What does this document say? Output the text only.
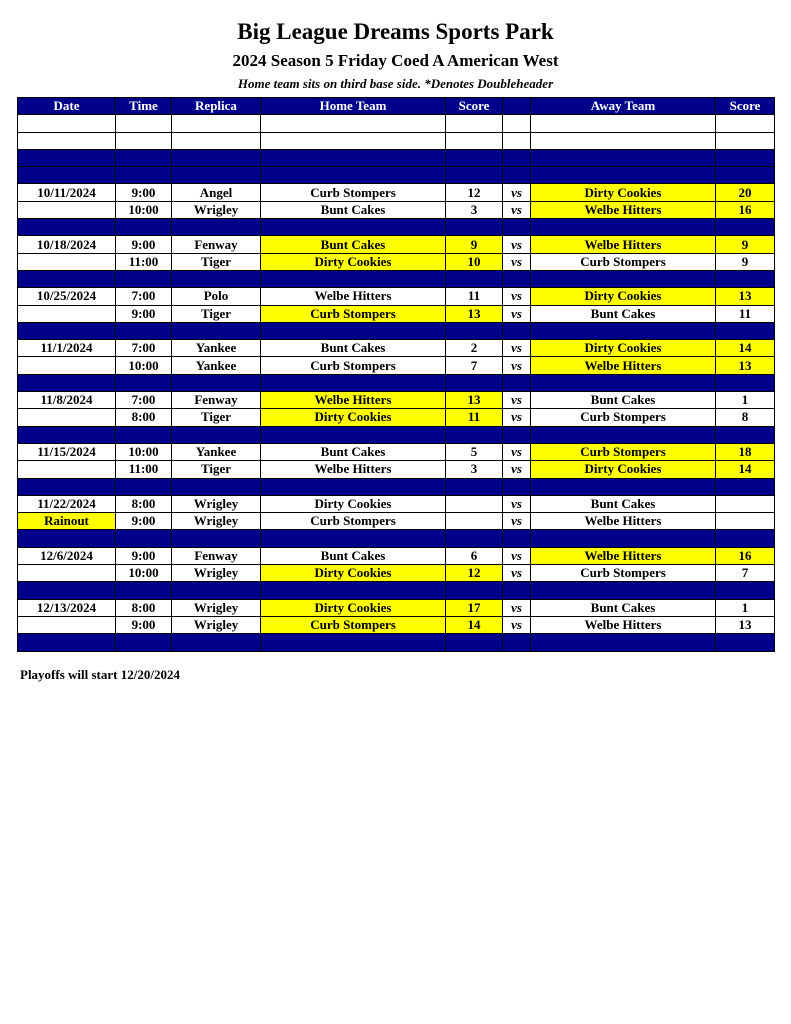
Big League Dreams Sports Park
2024 Season 5 Friday Coed A American West
Home team sits on third base side. *Denotes Doubleheader
Date	Time	Replica	Home Team	Score		Away Team	Score

10/11/2024	9:00	Angel	Curb Stompers	12	vs	Dirty Cookies	20
	10:00	Wrigley	Bunt Cakes	3	vs	Welbe Hitters	16

10/18/2024	9:00	Fenway	Bunt Cakes	9	vs	Welbe Hitters	9
	11:00	Tiger	Dirty Cookies	10	vs	Curb Stompers	9

10/25/2024	7:00	Polo	Welbe Hitters	11	vs	Dirty Cookies	13
	9:00	Tiger	Curb Stompers	13	vs	Bunt Cakes	11

11/1/2024	7:00	Yankee	Bunt Cakes	2	vs	Dirty Cookies	14
	10:00	Yankee	Curb Stompers	7	vs	Welbe Hitters	13

11/8/2024	7:00	Fenway	Welbe Hitters	13	vs	Bunt Cakes	1
	8:00	Tiger	Dirty Cookies	11	vs	Curb Stompers	8

11/15/2024	10:00	Yankee	Bunt Cakes	5	vs	Curb Stompers	18
	11:00	Tiger	Welbe Hitters	3	vs	Dirty Cookies	14

11/22/2024	8:00	Wrigley	Dirty Cookies		vs	Bunt Cakes	
Rainout	9:00	Wrigley	Curb Stompers		vs	Welbe Hitters	

12/6/2024	9:00	Fenway	Bunt Cakes	6	vs	Welbe Hitters	16
	10:00	Wrigley	Dirty Cookies	12	vs	Curb Stompers	7

12/13/2024	8:00	Wrigley	Dirty Cookies	17	vs	Bunt Cakes	1
	9:00	Wrigley	Curb Stompers	14	vs	Welbe Hitters	13

Playoffs will start 12/20/2024
